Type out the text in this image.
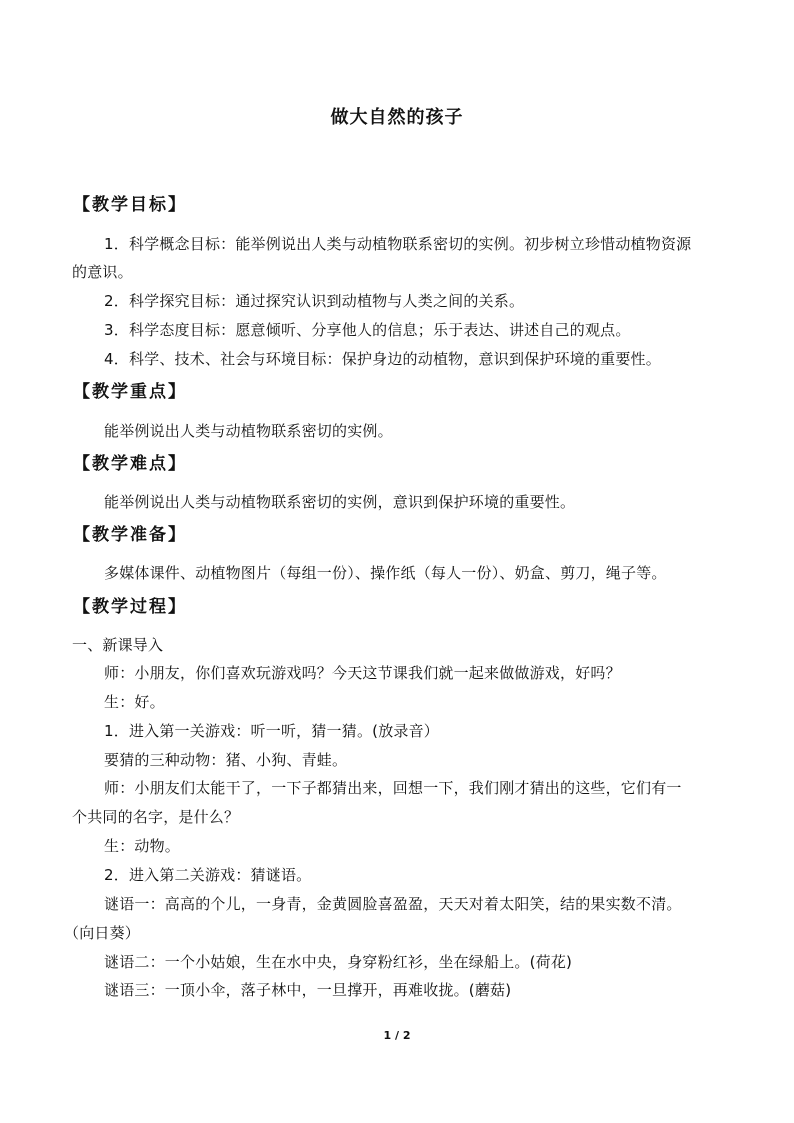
做大自然的孩子
【教学目标】
1．科学概念目标：能举例说出人类与动植物联系密切的实例。初步树立珍惜动植物资源
的意识。
2．科学探究目标：通过探究认识到动植物与人类之间的关系。
3．科学态度目标：愿意倾听、分享他人的信息；乐于表达、讲述自己的观点。
4．科学、技术、社会与环境目标：保护身边的动植物，意识到保护环境的重要性。
【教学重点】
能举例说出人类与动植物联系密切的实例。
【教学难点】
能举例说出人类与动植物联系密切的实例，意识到保护环境的重要性。
【教学准备】
多媒体课件、动植物图片（每组一份）、操作纸（每人一份）、奶盒、剪刀，绳子等。
【教学过程】
一、新课导入
师：小朋友，你们喜欢玩游戏吗？今天这节课我们就一起来做做游戏，好吗？
生：好。
1．进入第一关游戏：听一听，猜一猜。(放录音）
要猜的三种动物：猪、小狗、青蛙。
师：小朋友们太能干了，一下子都猜出来，回想一下，我们刚才猜出的这些，它们有一
个共同的名字，是什么？
生：动物。
2．进入第二关游戏：猜谜语。
谜语一：高高的个儿，一身青，金黄圆脸喜盈盈，天天对着太阳笑，结的果实数不清。
（向日葵）
谜语二：一个小姑娘，生在水中央，身穿粉红衫，坐在绿船上。(荷花)
谜语三：一顶小伞，落子林中，一旦撑开，再难收拢。(蘑菇)
1 / 2
